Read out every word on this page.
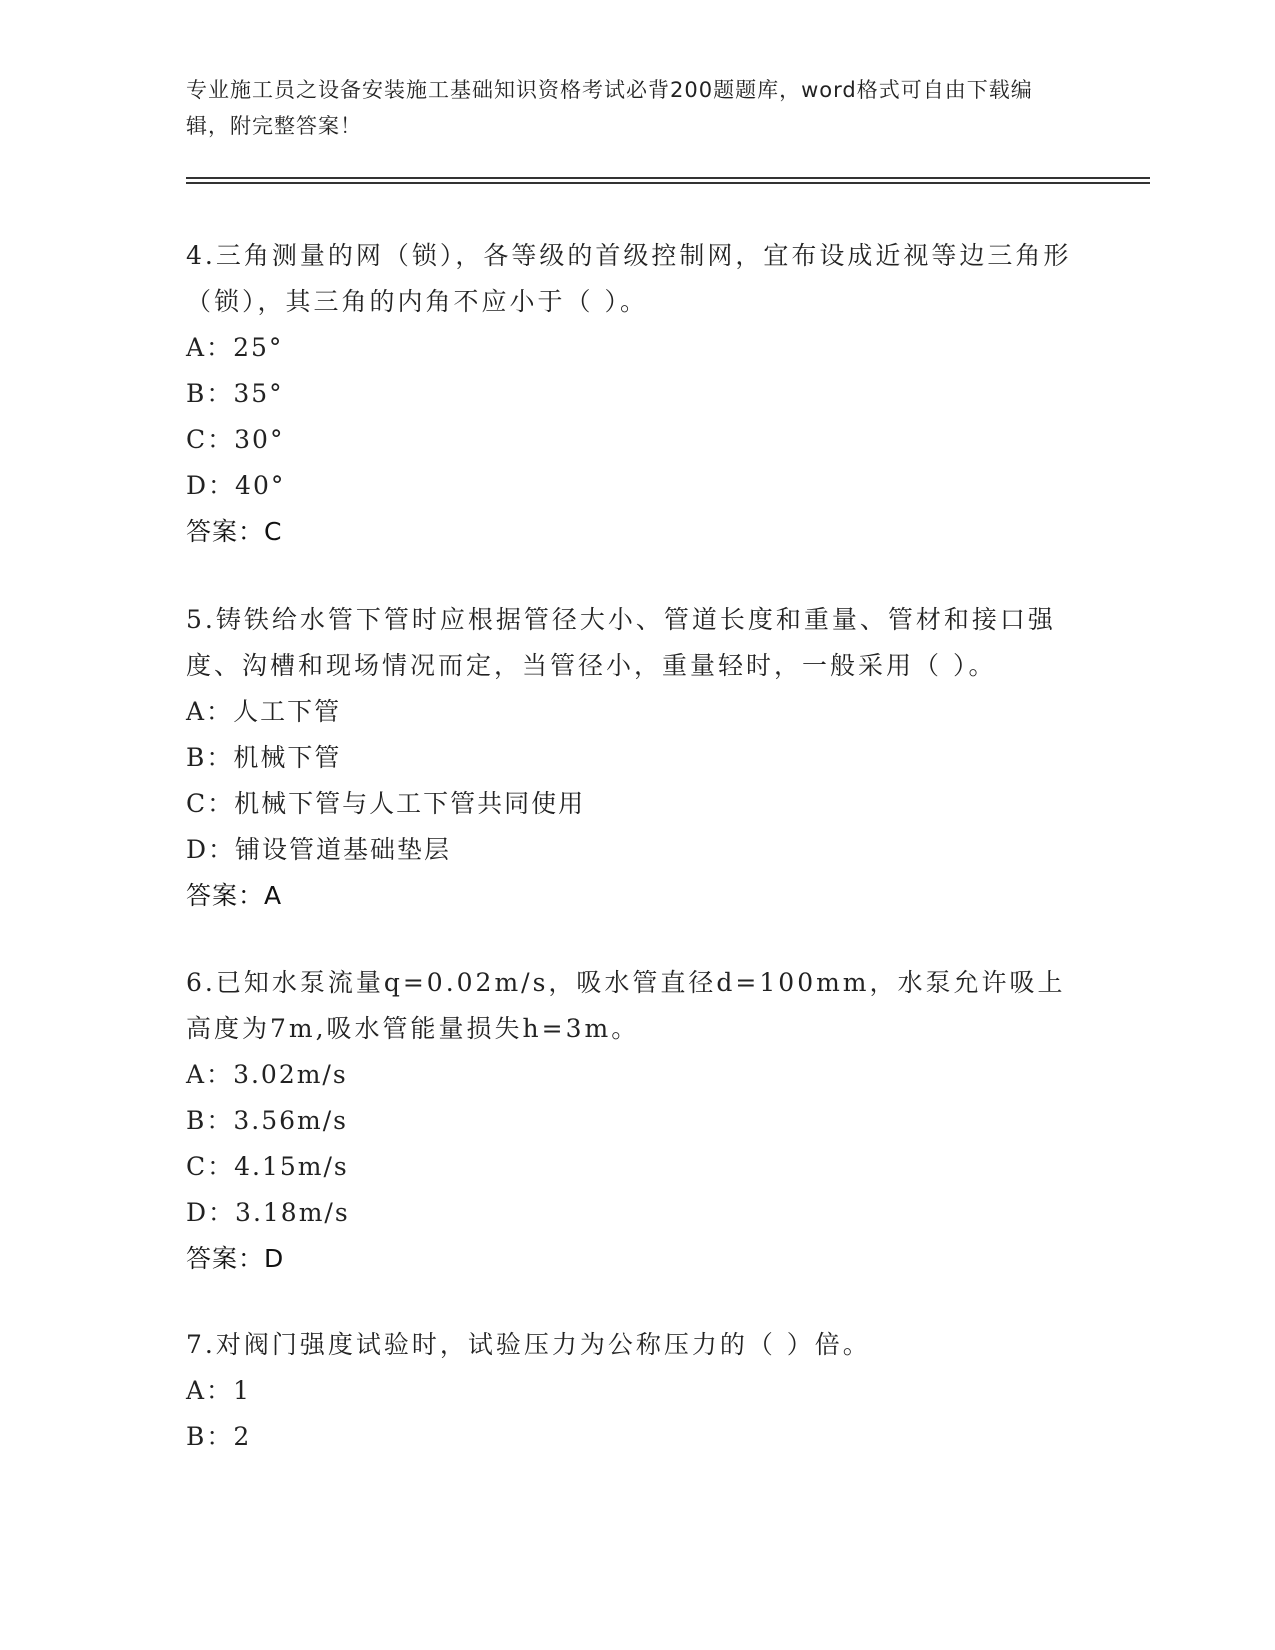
专业施工员之设备安装施工基础知识资格考试必背200题题库，word格式可自由下载编辑，附完整答案！

4.三角测量的网（锁），各等级的首级控制网，宜布设成近视等边三角形（锁），其三角的内角不应小于（ ）。

A：25°

B：35°

C：30°

D：40°

答案：C

5.铸铁给水管下管时应根据管径大小、管道长度和重量、管材和接口强度、沟槽和现场情况而定，当管径小，重量轻时，一般采用（ ）。

A：人工下管

B：机械下管

C：机械下管与人工下管共同使用

D：铺设管道基础垫层

答案：A

6.已知水泵流量q=0.02m/s，吸水管直径d=100mm，水泵允许吸上高度为7m,吸水管能量损失h=3m。

A：3.02m/s

B：3.56m/s

C：4.15m/s

D：3.18m/s

答案：D

7.对阀门强度试验时，试验压力为公称压力的（ ）倍。

A：1

B：2
